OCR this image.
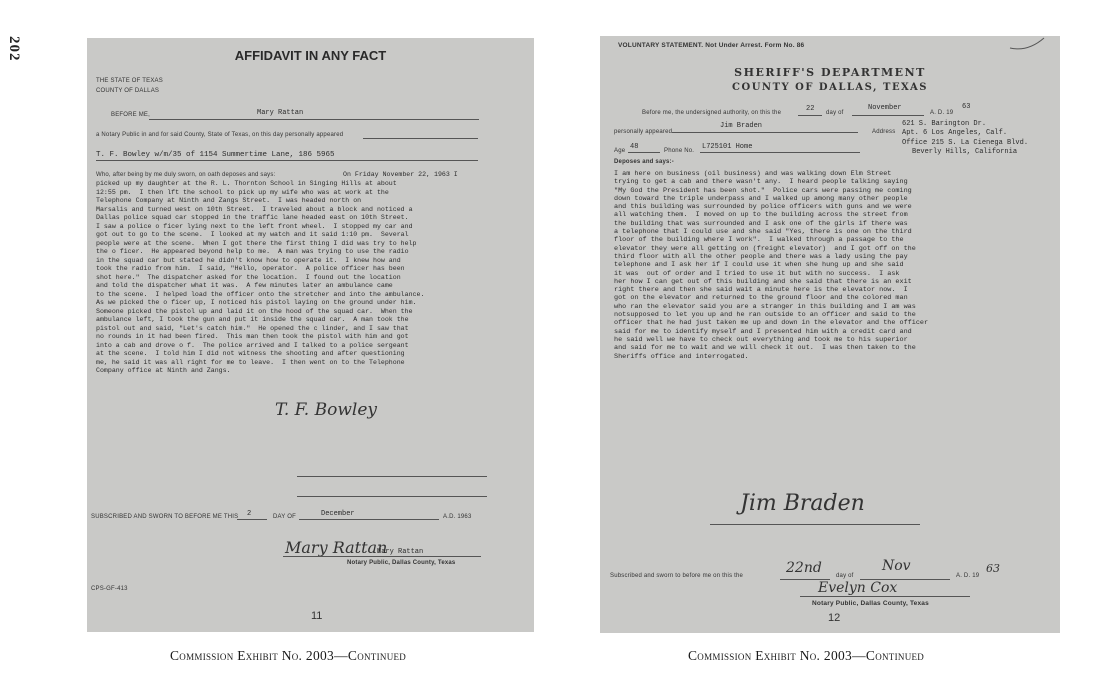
202	AFFIDAVIT IN ANY FACT
THE STATE OF TEXAS
COUNTY OF DALLAS
BEFORE ME,	Mary Rattan
a Notary Public in and for said County, State of Texas, on this day personally appeared
T. F. Bowley w/m/35 of 1154 Summertime Lane, 186 5965
Who, after being by me duly sworn, on oath deposes and says:	On Friday November 22, 1963 I
picked up my daughter at the R. L. Thornton School in Singing Hills at about
12:55 pm.  I then lft the school to pick up my wife who was at work at the
Telephone Company at Ninth and Zangs Street.  I was headed north on
Marsalis and turned west on 10th Street.  I traveled about a block and noticed a
Dallas police squad car stopped in the traffic lane headed east on 10th Street.
I saw a police o ficer lying next to the left front wheel.  I stopped my car and
got out to go to the scene.  I looked at my watch and it said 1:10 pm.  Several
people were at the scene.  When I got there the first thing I did was try to help
the o ficer.  He appeared beyond help to me.  A man was trying to use the radio
in the squad car but stated he didn't know how to operate it.  I knew how and
took the radio from him.  I said, "Hello, operator.  A police officer has been
shot here."  The dispatcher asked for the location.  I found out the location
and told the dispatcher what it was.  A few minutes later an ambulance came
to the scene.  I helped load the officer onto the stretcher and into the ambulance.
As we picked the o ficer up, I noticed his pistol laying on the ground under him.
Someone picked the pistol up and laid it on the hood of the squad car.  When the
ambulance left, I took the gun and put it inside the squad car.  A man took the
pistol out and said, "Let's catch him."  He opened the c linder, and I saw that
no rounds in it had been fired.  This man then took the pistol with him and got
into a cab and drove o f.  The police arrived and I talked to a police sergeant
at the scene.  I told him I did not witness the shooting and after questioning
me, he said it was all right for me to leave.  I then went on to the Telephone
Company office at Ninth and Zangs.
T. F. Bowley
SUBSCRIBED AND SWORN TO BEFORE ME THIS 2	DAY OF	December	A.D. 1963
Mary Rattan
Mary Rattan
Notary Public, Dallas County, Texas
CPS-GF-413
11
VOLUNTARY STATEMENT. Not Under Arrest. Form No. 86
SHERIFF'S DEPARTMENT
COUNTY OF DALLAS, TEXAS
Before me, the undersigned authority, on this the	22 day of
November
A. D. 19
63
personally appeared
Jim Braden
Address
621 S. Barington Dr.
Apt. 6 Los Angeles, Calf.
Office 215 S. La Cienega Blvd.
Beverly Hills, California
Age 48	Phone No. L725101 Home
Deposes and says:-
I am here on business (oil business) and was walking down Elm Street
trying to get a cab and there wasn't any.  I heard people talking saying
"My God the President has been shot."  Police cars were passing me coming
down toward the triple underpass and I walked up among many other people
and this building was surrounded by police officers with guns and we were
all watching them.  I moved on up to the building across the street from
the building that was surrounded and I ask one of the girls if there was
a telephone that I could use and she said "Yes, there is one on the third
floor of the building where I work".  I walked through a passage to the
elevator they were all getting on (freight elevator)  and I got off on the
third floor with all the other people and there was a lady using the pay
telephone and I ask her if I could use it when she hung up and she said
it was  out of order and I tried to use it but with no success.  I ask
her how I can get out of this building and she said that there is an exit
right there and then she said wait a minute here is the elevator now.  I
got on the elevator and returned to the ground floor and the colored man
who ran the elevator said you are a stranger in this building and I am was
notsupposed to let you up and he ran outside to an officer and said to the
officer that he had just taken me up and down in the elevator and the officer
said for me to identify myself and I presented him with a credit card and
he said well we have to check out everything and took me to his superior
and said for me to wait and we will check it out.  I was then taken to the
Sheriffs office and interrogated.
Jim Braden
Subscribed and sworn to before me on this the	22nd day of
Nov
A. D. 19
63
Evelyn Cox
Notary Public, Dallas County, Texas
12
Commission Exhibit No. 2003—Continued	Commission Exhibit No. 2003—Continued
